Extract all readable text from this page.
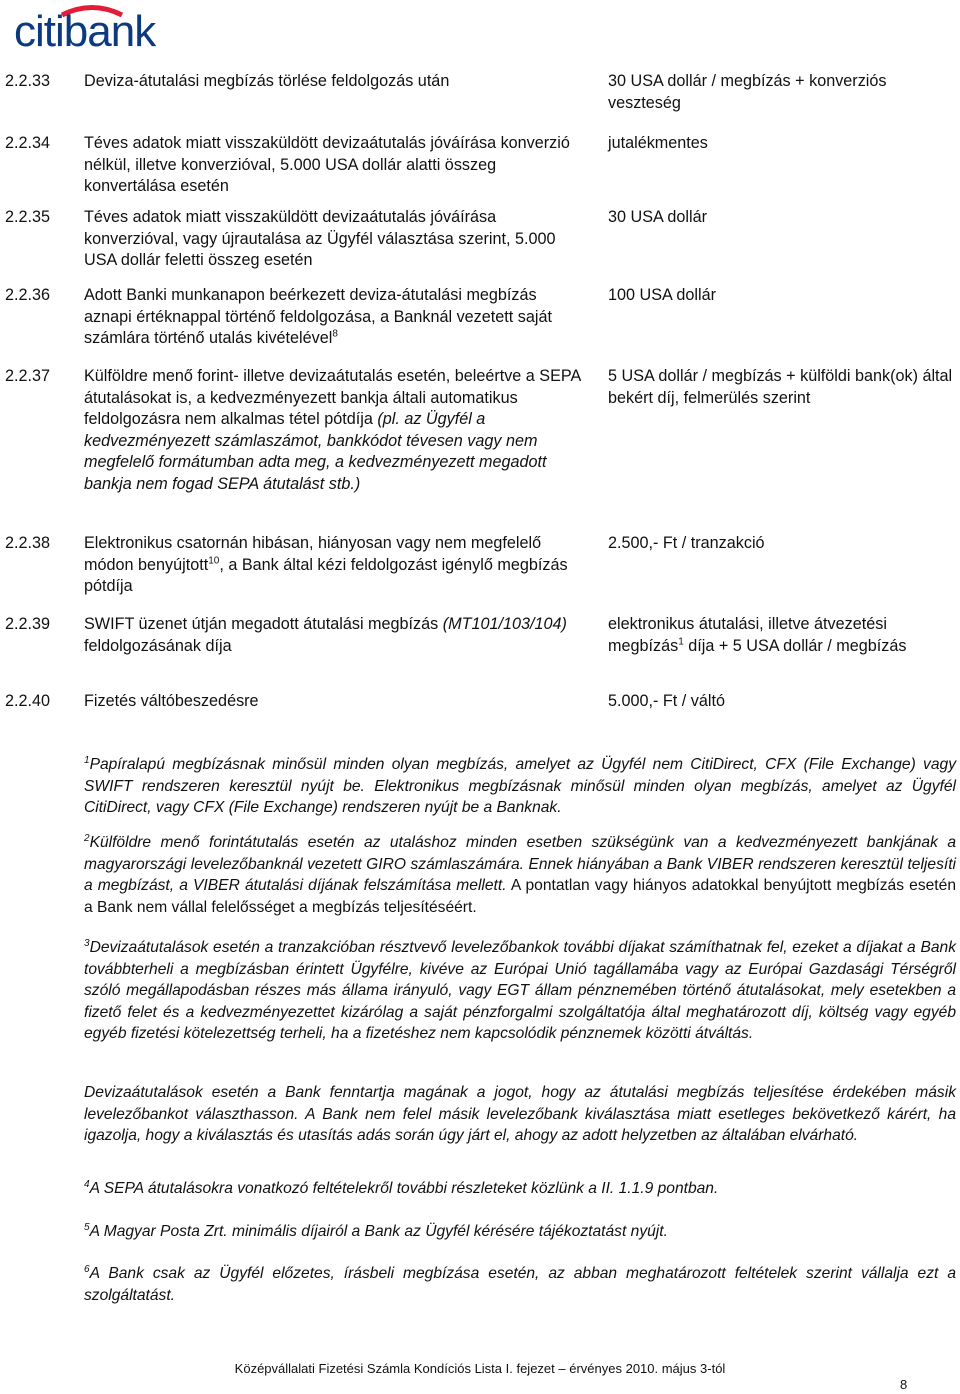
citibank
2.2.33 Deviza-átutalási megbízás törlése feldolgozás után	30 USA dollár / megbízás + konverziós veszteség
2.2.34 Téves adatok miatt visszaküldött devizaátutalás jóváírása konverzió nélkül, illetve konverzióval, 5.000 USA dollár alatti összeg konvertálása esetén
jutalékmentes
2.2.35 Téves adatok miatt visszaküldött devizaátutalás jóváírása konverzióval, vagy újrautalása az Ügyfél választása szerint, 5.000 USA dollár feletti összeg esetén
30 USA dollár
2.2.36 Adott Banki munkanapon beérkezett deviza-átutalási megbízás aznapi értéknappal történő feldolgozása, a Banknál vezetett saját számlára történő utalás kivételével$^8$
100 USA dollár
2.2.37 Külföldre menő forint- illetve devizaátutalás esetén, beleértve a SEPA átutalásokat is, a kedvezményezett bankja általi automatikus feldolgozásra nem alkalmas tétel pótdíja (pl. az Ügyfél a kedvezményezett számlaszámot, bankkódot tévesen vagy nem megfelelő formátumban adta meg, a kedvezményezett megadott bankja nem fogad SEPA átutalást stb.)
5 USA dollár / megbízás + külföldi bank(ok) által bekért díj, felmerülés szerint
2.2.38 Elektronikus csatornán hibásan, hiányosan vagy nem megfelelő módon benyújtott$^{10}$, a Bank által kézi feldolgozást igénylő megbízás pótdíja
2.500,- Ft / tranzakció
2.2.39 SWIFT üzenet útján megadott átutalási megbízás (MT101/103/104) feldolgozásának díja
elektronikus átutalási, illetve átvezetési megbízás$^1$ díja + 5 USA dollár / megbízás
2.2.40 Fizetés váltóbeszedésre	5.000,- Ft / váltó
$^1$Papíralapú megbízásnak minősül minden olyan megbízás, amelyet az Ügyfél nem CitiDirect, CFX (File Exchange) vagy SWIFT rendszeren keresztül nyújt be. Elektronikus megbízásnak minősül minden olyan megbízás, amelyet az Ügyfél CitiDirect, vagy CFX (File Exchange) rendszeren nyújt be a Banknak.
$^2$Külföldre menő forintátutalás esetén az utaláshoz minden esetben szükségünk van a kedvezményezett bankjának a magyarországi levelezőbanknál vezetett GIRO számlaszámára. Ennek hiányában a Bank VIBER rendszeren keresztül teljesíti a megbízást, a VIBER átutalási díjának felszámítása mellett. A pontatlan vagy hiányos adatokkal benyújtott megbízás esetén a Bank nem vállal felelősséget a megbízás teljesítéséért.
$^3$Devizaátutalások esetén a tranzakcióban résztvevő levelezőbankok további díjakat számíthatnak fel, ezeket a díjakat a Bank továbbterheli a megbízásban érintett Ügyfélre, kivéve az Európai Unió tagállamába vagy az Európai Gazdasági Térségről szóló megállapodásban részes más állama irányuló, vagy EGT állam pénznemében történő átutalásokat, mely esetekben a fizető felet és a kedvezményezettet kizárólag a saját pénzforgalmi szolgáltatója által meghatározott díj, költség vagy egyéb egyéb fizetési kötelezettség terheli, ha a fizetéshez nem kapcsolódik pénznemek közötti átváltás.
Devizaátutalások esetén a Bank fenntartja magának a jogot, hogy az átutalási megbízás teljesítése érdekében másik levelezőbankot választhasson. A Bank nem felel másik levelezőbank kiválasztása miatt esetleges bekövetkező kárért, ha igazolja, hogy a kiválasztás és utasítás adás során úgy járt el, ahogy az adott helyzetben az általában elvárható.
$^4$A SEPA átutalásokra vonatkozó feltételekről további részleteket közlünk a II. 1.1.9 pontban.
$^5$A Magyar Posta Zrt. minimális díjairól a Bank az Ügyfél kérésére tájékoztatást nyújt.
$^6$A Bank csak az Ügyfél előzetes, írásbeli megbízása esetén, az abban meghatározott feltételek szerint vállalja ezt a szolgáltatást.
Középvállalati Fizetési Számla Kondíciós Lista I. fejezet – érvényes 2010. május 3-tól
8
